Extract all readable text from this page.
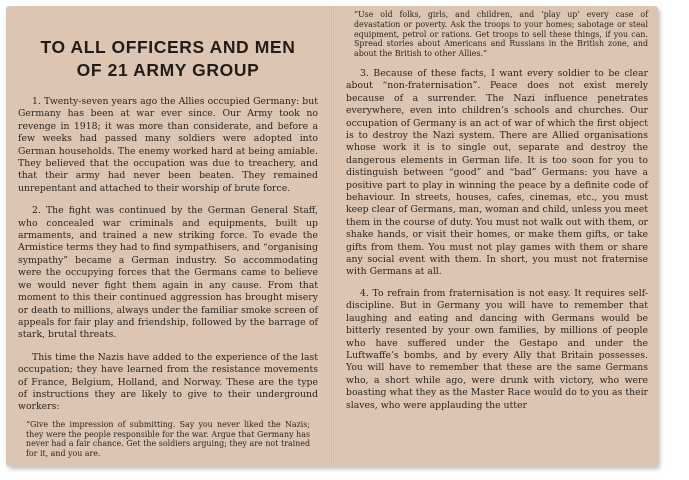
TO ALL OFFICERS AND MEN
OF 21 ARMY GROUP

1. Twenty-seven years ago the Allies occupied Germany: but Germany has been at war ever since. Our Army took no revenge in 1918; it was more than considerate, and before a few weeks had passed many soldiers were adopted into German households. The enemy worked hard at being amiable. They believed that the occupation was due to treachery, and that their army had never been beaten. They remained unrepentant and attached to their worship of brute force.

2. The fight was continued by the German General Staff, who concealed war criminals and equipments, built up armaments, and trained a new striking force. To evade the Armistice terms they had to find sympathisers, and “organising sympathy” became a German industry. So accommodating were the occupying forces that the Germans came to believe we would never fight them again in any cause. From that moment to this their continued aggression has brought misery or death to millions, always under the familiar smoke screen of appeals for fair play and friendship, followed by the barrage of stark, brutal threats.

This time the Nazis have added to the experience of the last occupation; they have learned from the resistance movements of France, Belgium, Holland, and Norway. These are the type of instructions they are likely to give to their underground workers:

“Give the impression of submitting. Say you never liked the Nazis; they were the people responsible for the war. Argue that Germany has never had a fair chance. Get the soldiers arguing; they are not trained for it, and you are.

“Use old folks, girls, and children, and ‘play up’ every case of devastation or poverty. Ask the troops to your homes; sabotage or steal equipment, petrol or rations. Get troops to sell these things, if you can. Spread stories about Americans and Russians in the British zone, and about the British to other Allies.”

3. Because of these facts, I want every soldier to be clear about “non-fraternisation”. Peace does not exist merely because of a surrender. The Nazi influence penetrates everywhere, even into children’s schools and churches. Our occupation of Germany is an act of war of which the first object is to destroy the Nazi system. There are Allied organisations whose work it is to single out, separate and destroy the dangerous elements in German life. It is too soon for you to distinguish between “good” and “bad” Germans: you have a positive part to play in winning the peace by a definite code of behaviour. In streets, houses, cafes, cinemas, etc., you must keep clear of Germans, man, woman and child, unless you meet them in the course of duty. You must not walk out with them, or shake hands, or visit their homes, or make them gifts, or take gifts from them. You must not play games with them or share any social event with them. In short, you must not fraternise with Germans at all.

4. To refrain from fraternisation is not easy. It requires self-discipline. But in Germany you will have to remember that laughing and eating and dancing with Germans would be bitterly resented by your own families, by millions of people who have suffered under the Gestapo and under the Luftwaffe’s bombs, and by every Ally that Britain possesses. You will have to remember that these are the same Germans who, a short while ago, were drunk with victory, who were boasting what they as the Master Race would do to you as their slaves, who were applauding the utter
